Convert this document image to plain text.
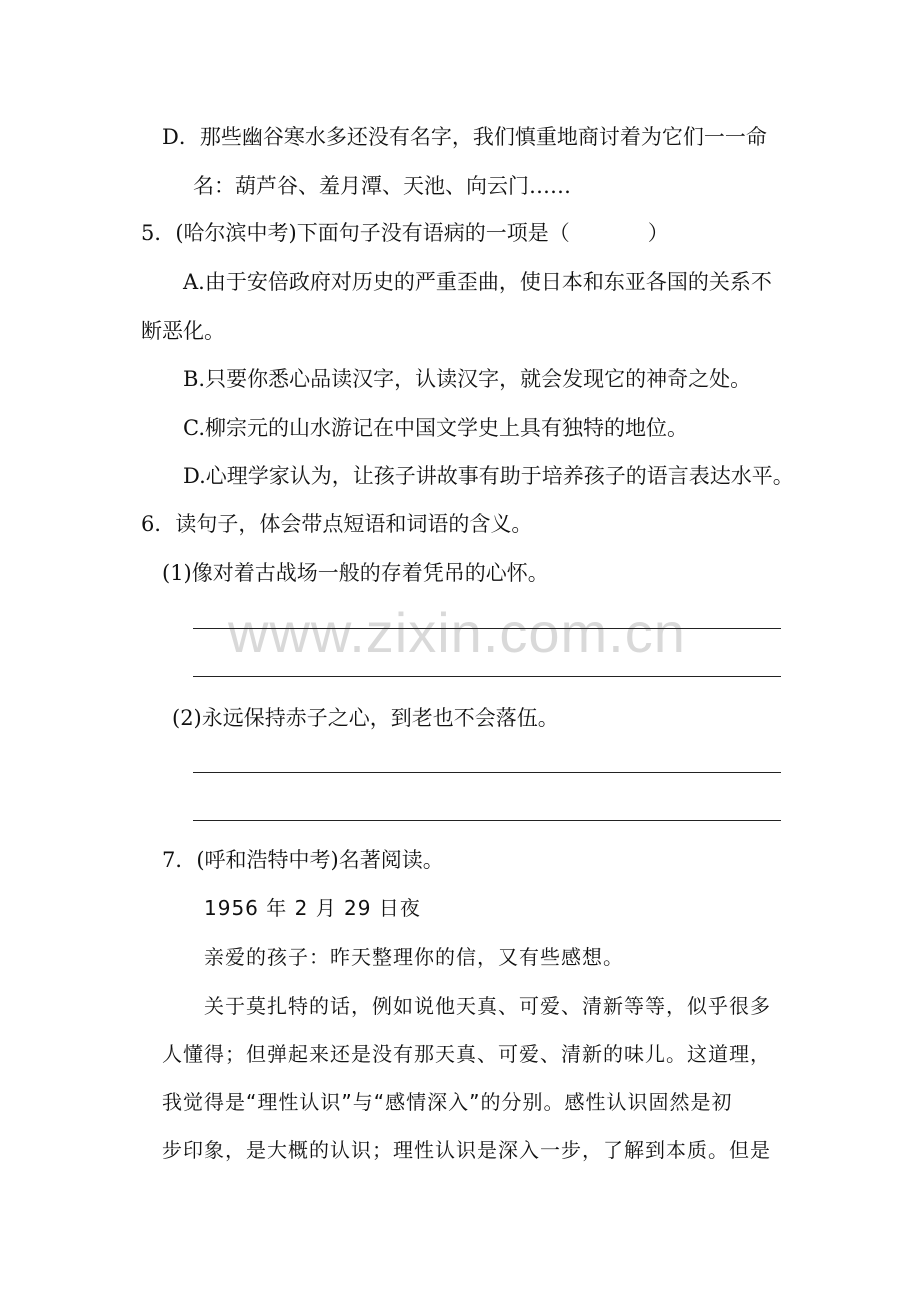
D．那些幽谷寒水多还没有名字，我们慎重地商讨着为它们一一命
名：葫芦谷、羞月潭、天池、向云门……
5．(哈尔滨中考)下面句子没有语病的一项是（	）
A.由于安倍政府对历史的严重歪曲，使日本和东亚各国的关系不
断恶化。
B.只要你悉心品读汉字，认读汉字，就会发现它的神奇之处。
C.柳宗元的山水游记在中国文学史上具有独特的地位。
D.心理学家认为，让孩子讲故事有助于培养孩子的语言表达水平。
6．读句子，体会带点短语和词语的含义。
(1)像对着古战场一般的存着凭吊的心怀。
www.zixin.com.cn
(2)永远保持赤子之心，到老也不会落伍。
7．(呼和浩特中考)名著阅读。
1956 年 2 月 29 日夜
亲爱的孩子：昨天整理你的信，又有些感想。
关于莫扎特的话，例如说他天真、可爱、清新等等，似乎很多
人懂得；但弹起来还是没有那天真、可爱、清新的味儿。这道理，
我觉得是“理性认识”与“感情深入”的分别。感性认识固然是初
步印象，是大概的认识；理性认识是深入一步，了解到本质。但是
